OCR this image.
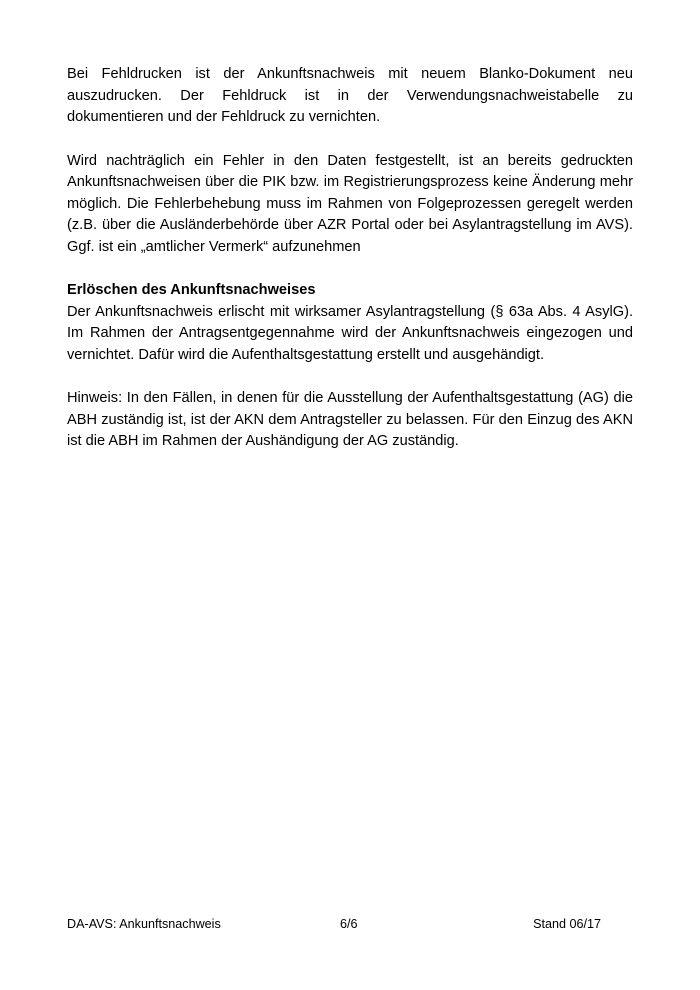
Bei Fehldrucken ist der Ankunftsnachweis mit neuem Blanko-Dokument neu auszudrucken. Der Fehldruck ist in der Verwendungsnachweistabelle zu dokumentieren und der Fehldruck zu vernichten.

Wird nachträglich ein Fehler in den Daten festgestellt, ist an bereits gedruckten Ankunftsnachweisen über die PIK bzw. im Registrierungsprozess keine Änderung mehr möglich. Die Fehlerbehebung muss im Rahmen von Folgeprozessen geregelt werden (z.B. über die Ausländerbehörde über AZR Portal oder bei Asylantragstellung im AVS). Ggf. ist ein „amtlicher Vermerk“ aufzunehmen

Erlöschen des Ankunftsnachweises

Der Ankunftsnachweis erlischt mit wirksamer Asylantragstellung (§ 63a Abs. 4 AsylG). Im Rahmen der Antragsentgegennahme wird der Ankunftsnachweis eingezogen und vernichtet. Dafür wird die Aufenthaltsgestattung erstellt und ausgehändigt.

Hinweis: In den Fällen, in denen für die Ausstellung der Aufenthaltsgestattung (AG) die ABH zuständig ist, ist der AKN dem Antragsteller zu belassen. Für den Einzug des AKN ist die ABH im Rahmen der Aushändigung der AG zuständig.

DA-AVS: Ankunftsnachweis	6/6	Stand 06/17
